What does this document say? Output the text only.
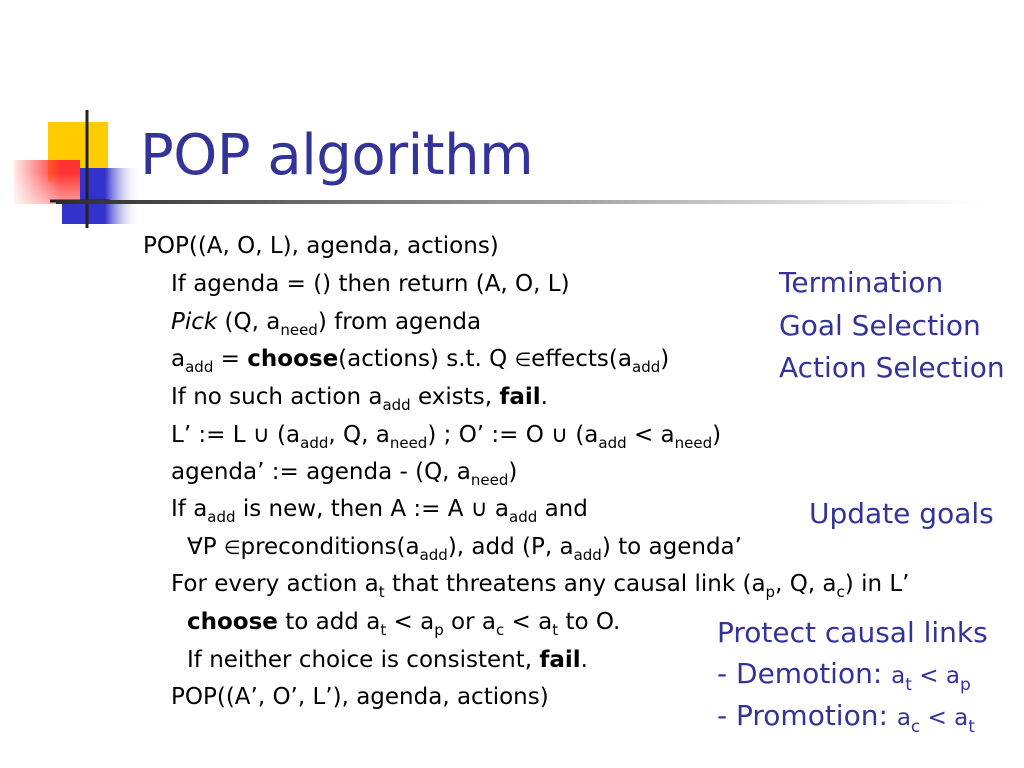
POP algorithm
POP((A, O, L), agenda, actions)
If agenda = () then return (A, O, L)
Pick (Q, $a_{need}$) from agenda
$a_{add}$ = choose(actions) s.t. Q $\in effects(a_{add})$
If no such action $a_{add}$ exists, fail.
L’ := L ∪ ($a_{add}$, Q, $a_{need}$) ; O’ := O ∪ $(a_{add} < a_{need})$
agenda’ := agenda - (Q, $a_{need}$)
If $a_{add}$ is new, then A := A ∪ $a_{add}$ and
∀P $\in preconditions(a_{add})$, add (P, $a_{add}$) to agenda’
For every action $a_t$ that threatens any causal link ($a_p$, Q, $a_c$) in L’
choose to add $a_t < a_p$ or $a_c < a_t$ to O.
If neither choice is consistent, fail.
POP((A’, O’, L’), agenda, actions)
Termination
Goal Selection
Action Selection
Update goals
Protect causal links
- Demotion: $a_t < a_p$
- Promotion: $a_c < a_t$
